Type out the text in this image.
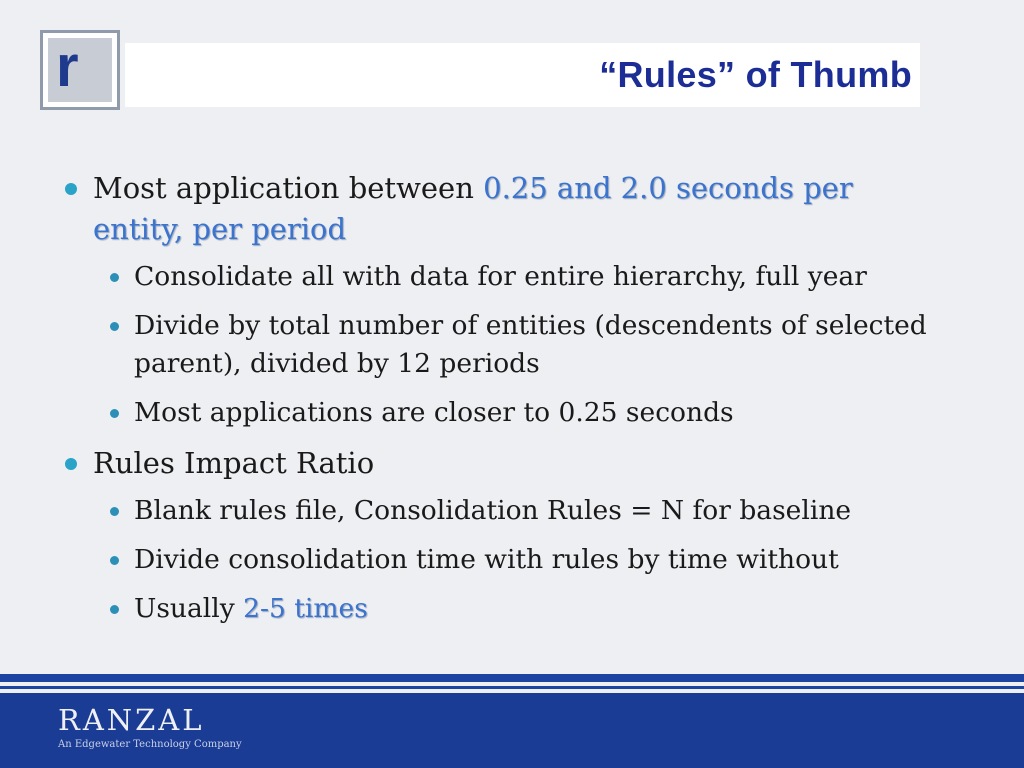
r	“Rules” of Thumb
Most application between 0.25 and 2.0 seconds per entity, per period
Consolidate all with data for entire hierarchy, full year
Divide by total number of entities (descendents of selected parent), divided by 12 periods
Most applications are closer to 0.25 seconds
Rules Impact Ratio
Blank rules file, Consolidation Rules = N for baseline
Divide consolidation time with rules by time without
Usually 2-5 times
RANZAL
An Edgewater Technology Company
